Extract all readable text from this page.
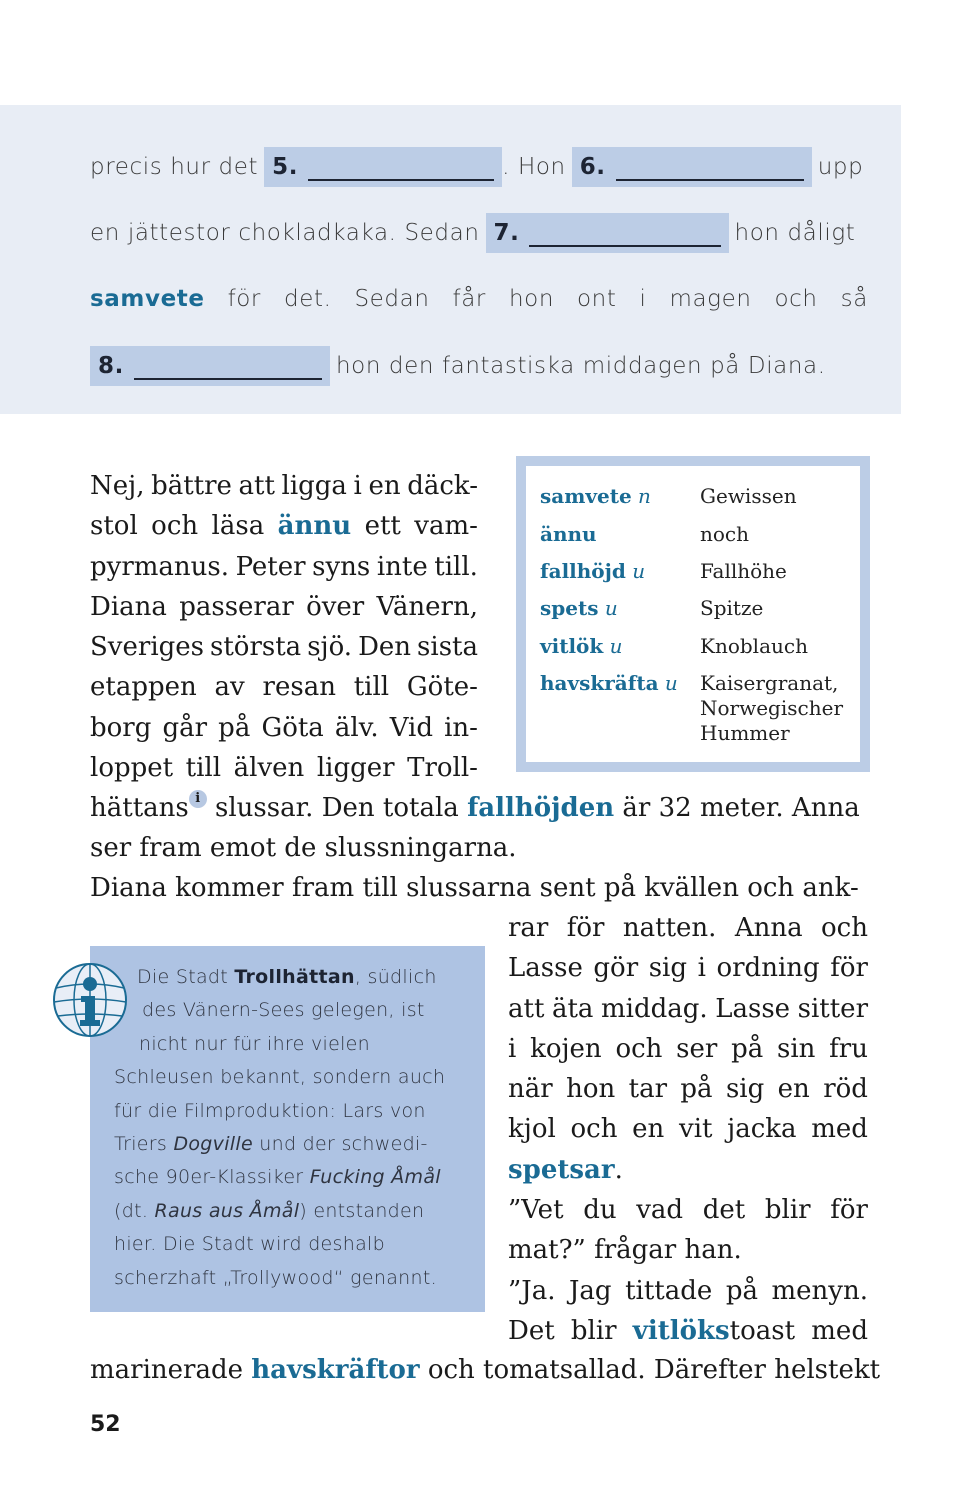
precis hur det 5.	. Hon 6.	upp
en jättestor chokladkaka. Sedan 7.	hon dåligt
samvete för det. Sedan får hon ont i magen och så
8.	hon den fantastiska middagen på Diana.
Nej, bättre att ligga i en däck-
stol och läsa ännu ett vam-
pyrmanus. Peter syns inte till.
Diana passerar över Vänern,
Sveriges största sjö. Den sista
etappen av resan till Göte-
borg går på Göta älv. Vid in-
loppet till älven ligger Troll-
samvete n Gewissen
ännu	noch
fallhöjd u	Fallhöhe
spets u	Spitze
vitlök u	Knoblauch
havskräfta u Kaisergranat,
Norwegischer
Hummer
hättans i slussar. Den totala fallhöjden är 32 meter. Anna
ser fram emot de slussningarna.
Diana kommer fram till slussarna sent på kvällen och ank-
Die Stadt Trollhättan, südlich
des Vänern-Sees gelegen, ist
nicht nur für ihre vielen
Schleusen bekannt, sondern auch
für die Filmproduktion: Lars von
Triers Dogville und der schwedi-
sche 90er-Klassiker Fucking Åmål
(dt. Raus aus Åmål) entstanden
hier. Die Stadt wird deshalb
scherzhaft „Trollywood“ genannt.
rar för natten. Anna och
Lasse gör sig i ordning för
att äta middag. Lasse sitter
i kojen och ser på sin fru
när hon tar på sig en röd
kjol och en vit jacka med
spetsar.
”Vet du vad det blir för
mat?” frågar han.
”Ja. Jag tittade på menyn.
Det blir vitlökstoast med
marinerade havskräftor och tomatsallad. Därefter helstekt
52
